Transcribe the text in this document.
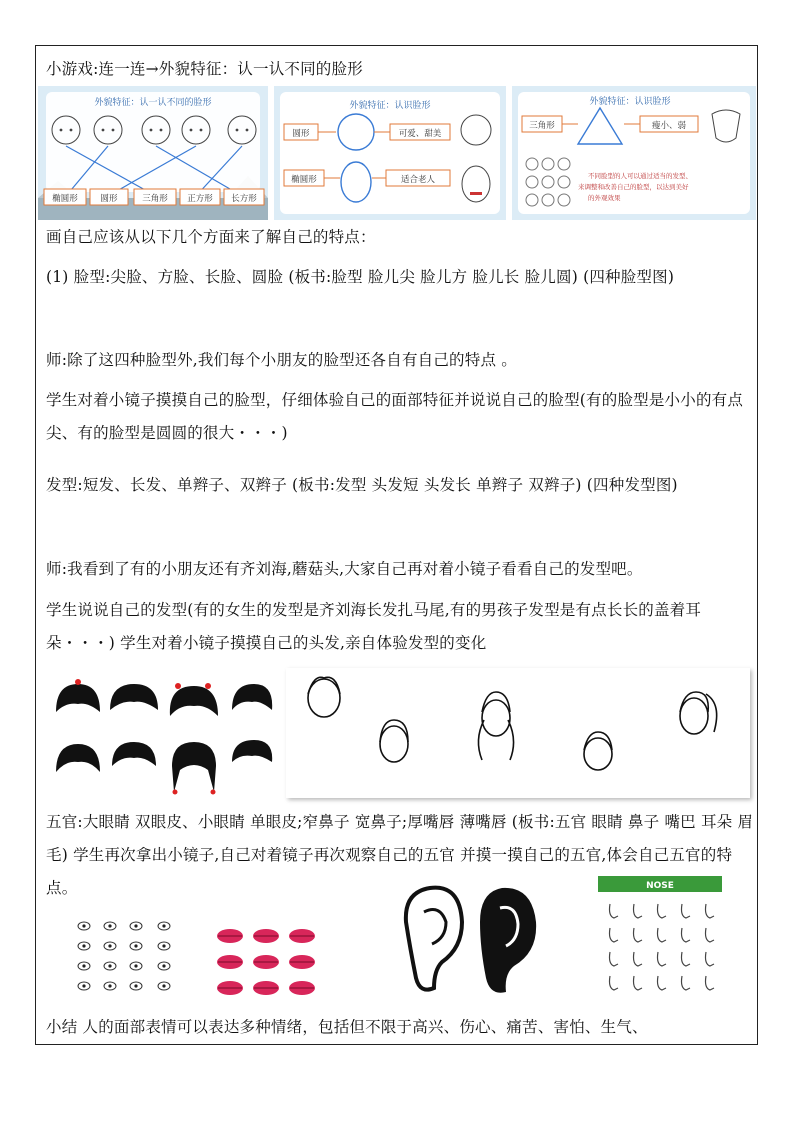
小游戏:连一连→外貌特征：认一认不同的脸形
外貌特征：认一认不同的脸形
椭圆形	圆形	三角形 正方形 长方形
外貌特征：认识脸形
圆形	可爱、甜美
椭圆形	适合老人
外貌特征：认识脸形
三角形	瘦小、弱
不同脸型的人可以通过适当的发型、
来调整和改善自己的脸型，以达到美好
的外观效果
画自己应该从以下几个方面来了解自己的特点：
(1) 脸型:尖脸、方脸、长脸、圆脸 (板书:脸型 脸儿尖 脸儿方 脸儿长 脸儿圆) (四种脸型图)
师:除了这四种脸型外,我们每个小朋友的脸型还各自有自己的特点 。
学生对着小镜子摸摸自己的脸型，仔细体验自己的面部特征并说说自己的脸型(有的脸型是小小的有点尖、有的脸型是圆圆的很大・・・)
发型:短发、长发、单辫子、双辫子 (板书:发型 头发短 头发长 单辫子 双辫子) (四种发型图)
师:我看到了有的小朋友还有齐刘海,蘑菇头,大家自己再对着小镜子看看自己的发型吧。
学生说说自己的发型(有的女生的发型是齐刘海长发扎马尾,有的男孩子发型是有点长长的盖着耳朵・・・) 学生对着小镜子摸摸自己的头发,亲自体验发型的变化
五官:大眼睛 双眼皮、小眼睛 单眼皮;窄鼻子 宽鼻子;厚嘴唇 薄嘴唇 (板书:五官 眼睛 鼻子 嘴巴 耳朵 眉毛) 学生再次拿出小镜子,自己对着镜子再次观察自己的五官 并摸一摸自己的五官,体会自己五官的特点。	NOSE
小结 人的面部表情可以表达多种情绪，包括但不限于高兴、伤心、痛苦、害怕、生气、
